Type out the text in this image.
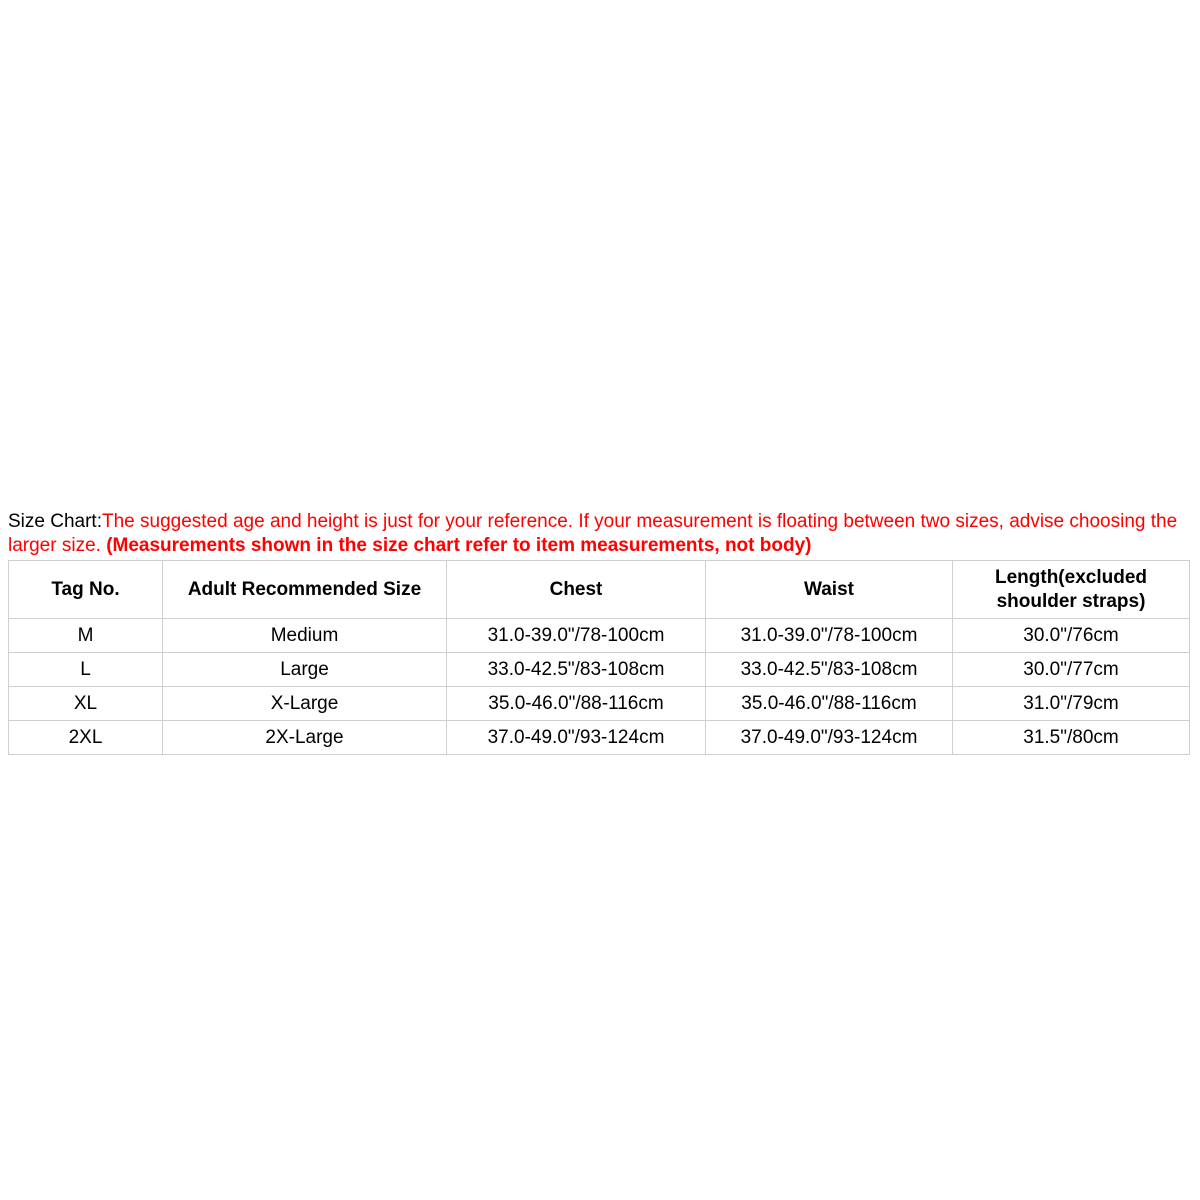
Size Chart:The suggested age and height is just for your reference. If your measurement is floating between two sizes, advise choosing the larger size. (Measurements shown in the size chart refer to item measurements, not body)

Tag No.	Adult Recommended Size	Chest	Waist	Length(excluded shoulder straps)
M	Medium	31.0-39.0"/78-100cm	31.0-39.0"/78-100cm	30.0"/76cm
L	Large	33.0-42.5"/83-108cm	33.0-42.5"/83-108cm	30.0"/77cm
XL	X-Large	35.0-46.0"/88-116cm	35.0-46.0"/88-116cm	31.0"/79cm
2XL	2X-Large	37.0-49.0"/93-124cm	37.0-49.0"/93-124cm	31.5"/80cm
